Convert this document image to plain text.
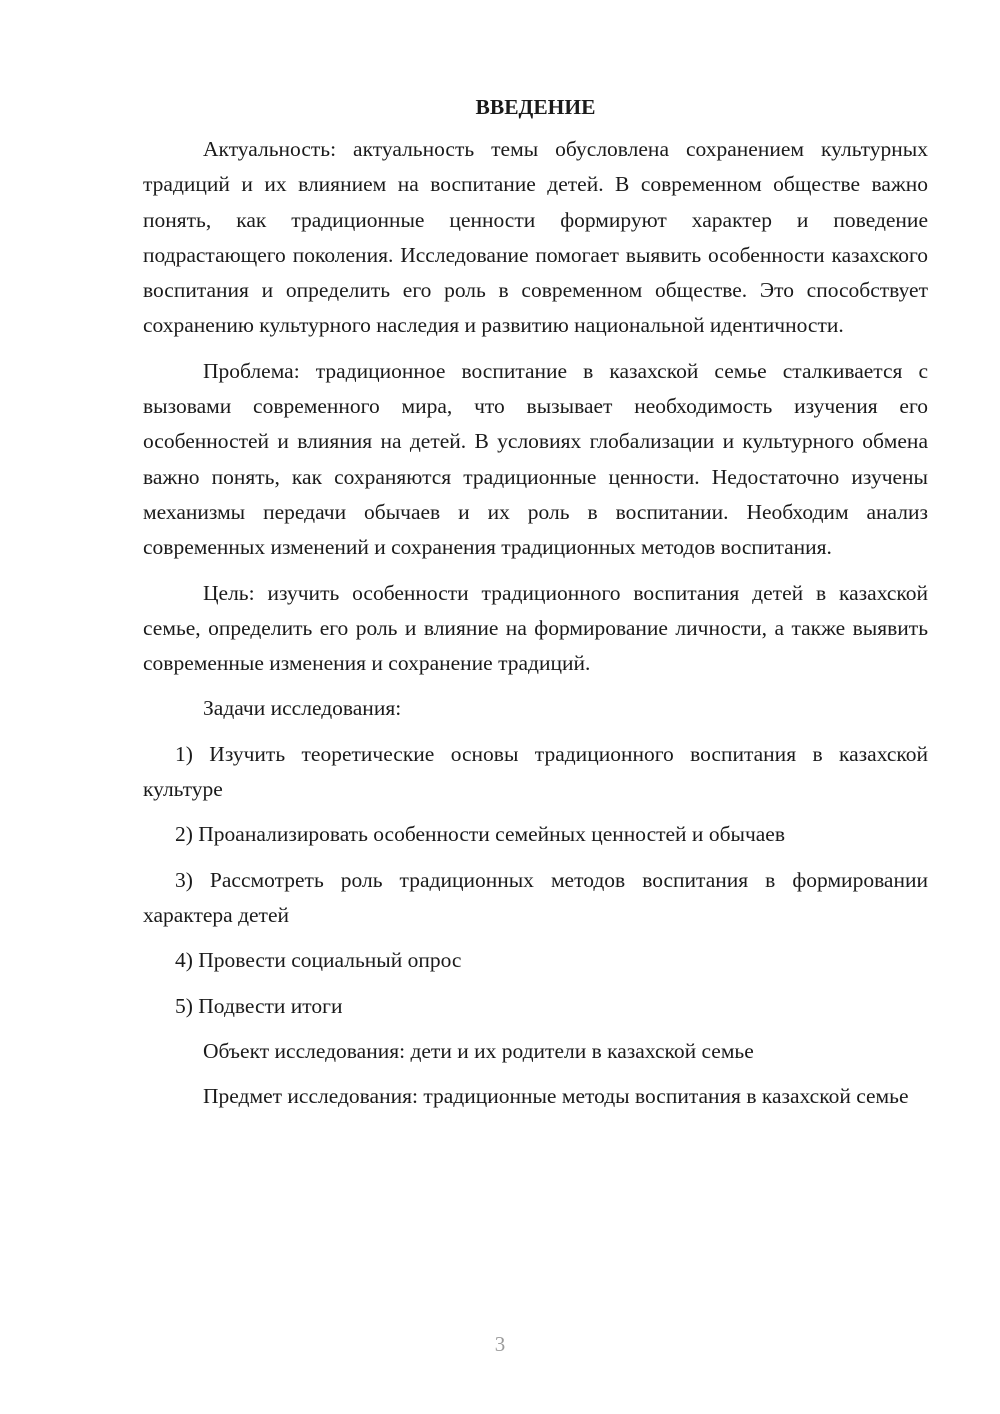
ВВЕДЕНИЕ

Актуальность: актуальность темы обусловлена сохранением культурных традиций и их влиянием на воспитание детей. В современном обществе важно понять, как традиционные ценности формируют характер и поведение подрастающего поколения. Исследование помогает выявить особенности казахского воспитания и определить его роль в современном обществе. Это способствует сохранению культурного наследия и развитию национальной идентичности.

Проблема: традиционное воспитание в казахской семье сталкивается с вызовами современного мира, что вызывает необходимость изучения его особенностей и влияния на детей. В условиях глобализации и культурного обмена важно понять, как сохраняются традиционные ценности. Недостаточно изучены механизмы передачи обычаев и их роль в воспитании. Необходим анализ современных изменений и сохранения традиционных методов воспитания.

Цель: изучить особенности традиционного воспитания детей в казахской семье, определить его роль и влияние на формирование личности, а также выявить современные изменения и сохранение традиций.

Задачи исследования:

1) Изучить теоретические основы традиционного воспитания в казахской культуре

2) Проанализировать особенности семейных ценностей и обычаев

3) Рассмотреть роль традиционных методов воспитания в формировании характера детей

4) Провести социальный опрос

5) Подвести итоги

Объект исследования: дети и их родители в казахской семье

Предмет исследования: традиционные методы воспитания в казахской семье

3
